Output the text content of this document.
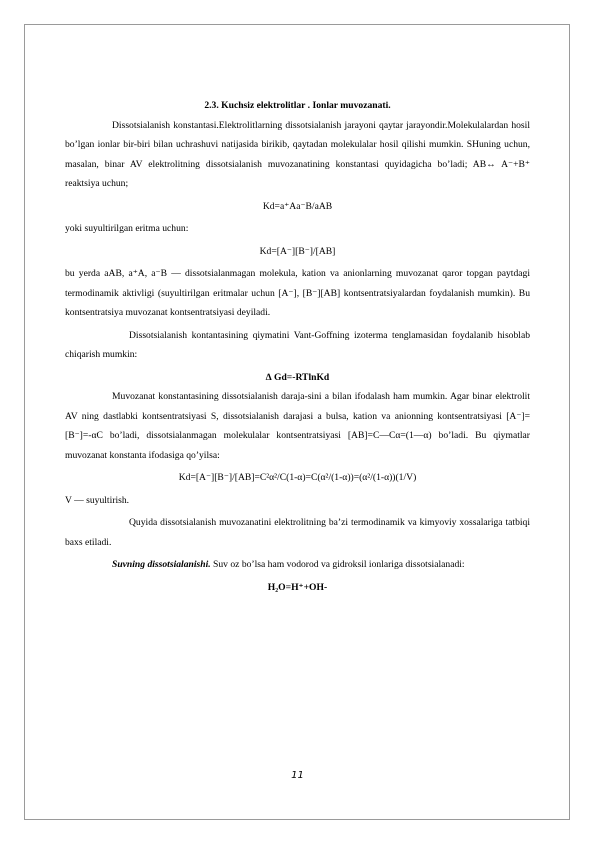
2.3. Kuchsiz elektrolitlar . Ionlar muvozanati.

Dissotsialanish konstantasi.Elektrolitlarning dissotsialanish jarayoni qaytar jarayondir.Molekulalardan hosil bo’lgan ionlar bir-biri bilan uchrashuvi natijasida birikib, qaytadan molekulalar hosil qilishi mumkin. SHuning uchun, masalan, binar AV elektrolitning dissotsialanish muvozanatining konstantasi quyidagicha bo’ladi; AB↔ A⁻+B⁺ reaktsiya uchun;

Kd=a⁺Aa⁻B/aAB

yoki suyultirilgan eritma uchun:

Kd=[A⁻][B⁻]/[AB]

bu yerda aAB, a⁺A, a⁻B — dissotsialanmagan molekula, kation va anionlarning muvozanat qaror topgan paytdagi termodinamik aktivligi (suyultirilgan eritmalar uchun [A⁻], [B⁻][AB] kontsentratsiyalardan foydalanish mumkin). Bu kontsentratsiya muvozanat kontsentratsiyasi deyiladi.

Dissotsialanish kontantasining qiymatini Vant-Goffning izoterma tenglamasidan foydalanib hisoblab chiqarish mumkin:

∆ Gd=-RTlnKd

Muvozanat konstantasining dissotsialanish daraja-sini a bilan ifodalash ham mumkin. Agar binar elektrolit AV ning dastlabki kontsentratsiyasi S, dissotsialanish darajasi a bulsa, kation va anionning kontsentratsiyasi [A⁻]=[B⁻]=-αC bo’ladi, dissotsialanmagan molekulalar kontsentratsiyasi [AB]=C—Cα=(1—α) bo’ladi. Bu qiymatlar muvozanat konstanta ifodasiga qo’yilsa:

Kd=[A⁻][B⁻]/[AB]=C²α²/C(1-α)=C(α²/(1-α))=(α²/(1-α))(1/V)

V — suyultirish.

Quyida dissotsialanish muvozanatini elektrolitning ba’zi termodinamik va kimyoviy xossalariga tatbiqi baxs etiladi.

Suvning dissotsialanishi. Suv oz bo’lsa ham vodorod va gidroksil ionlariga dissotsialanadi:

H₂O=H⁺+OH-

11
